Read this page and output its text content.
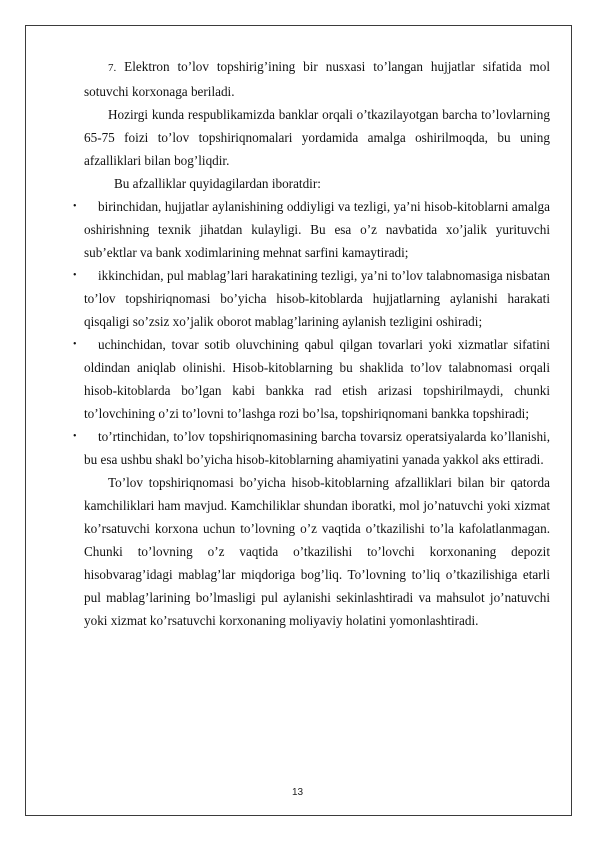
7. Elektron to’lov topshirig’ining bir nusxasi to’langan hujjatlar sifatida mol sotuvchi korxonaga beriladi.

Hozirgi kunda respublikamizda banklar orqali o’tkazilayotgan barcha to’lovlarning 65-75 foizi to’lov topshiriqnomalari yordamida amalga oshirilmoqda, bu uning afzalliklari bilan bog’liqdir.

Bu afzalliklar quyidagilardan iboratdir:

•	birinchidan, hujjatlar aylanishining oddiyligi va tezligi, ya’ni hisob-kitoblarni amalga oshirishning texnik jihatdan kulayligi. Bu esa o’z navbatida xo’jalik yurituvchi sub’ektlar va bank xodimlarining mehnat sarfini kamaytiradi;

•	ikkinchidan, pul mablag’lari harakatining tezligi, ya’ni to’lov talabnomasiga nisbatan to’lov topshiriqnomasi bo’yicha hisob-kitoblarda hujjatlarning aylanishi harakati qisqaligi so’zsiz xo’jalik oborot mablag’larining aylanish tezligini oshiradi;

•	uchinchidan, tovar sotib oluvchining qabul qilgan tovarlari yoki xizmatlar sifatini oldindan aniqlab olinishi. Hisob-kitoblarning bu shaklida to’lov talabnomasi orqali hisob-kitoblarda bo’lgan kabi bankka rad etish arizasi topshirilmaydi, chunki to’lovchining o’zi to’lovni to’lashga rozi bo’lsa, topshiriqnomani bankka topshiradi;

•	to’rtinchidan, to’lov topshiriqnomasining barcha tovarsiz operatsiyalarda ko’llanishi, bu esa ushbu shakl bo’yicha hisob-kitoblarning ahamiyatini yanada yakkol aks ettiradi.

To’lov topshiriqnomasi bo’yicha hisob-kitoblarning afzalliklari bilan bir qatorda kamchiliklari ham mavjud. Kamchiliklar shundan iboratki, mol jo’natuvchi yoki xizmat ko’rsatuvchi korxona uchun to’lovning o’z vaqtida o’tkazilishi to’la kafolatlanmagan. Chunki to’lovning o’z vaqtida o’tkazilishi to’lovchi korxonaning depozit hisobvarag’idagi mablag’lar miqdoriga bog’liq. To’lovning to’liq o’tkazilishiga etarli pul mablag’larining bo’lmasligi pul aylanishi sekinlashtiradi va mahsulot jo’natuvchi yoki xizmat ko’rsatuvchi korxonaning moliyaviy holatini yomonlashtiradi.

13
